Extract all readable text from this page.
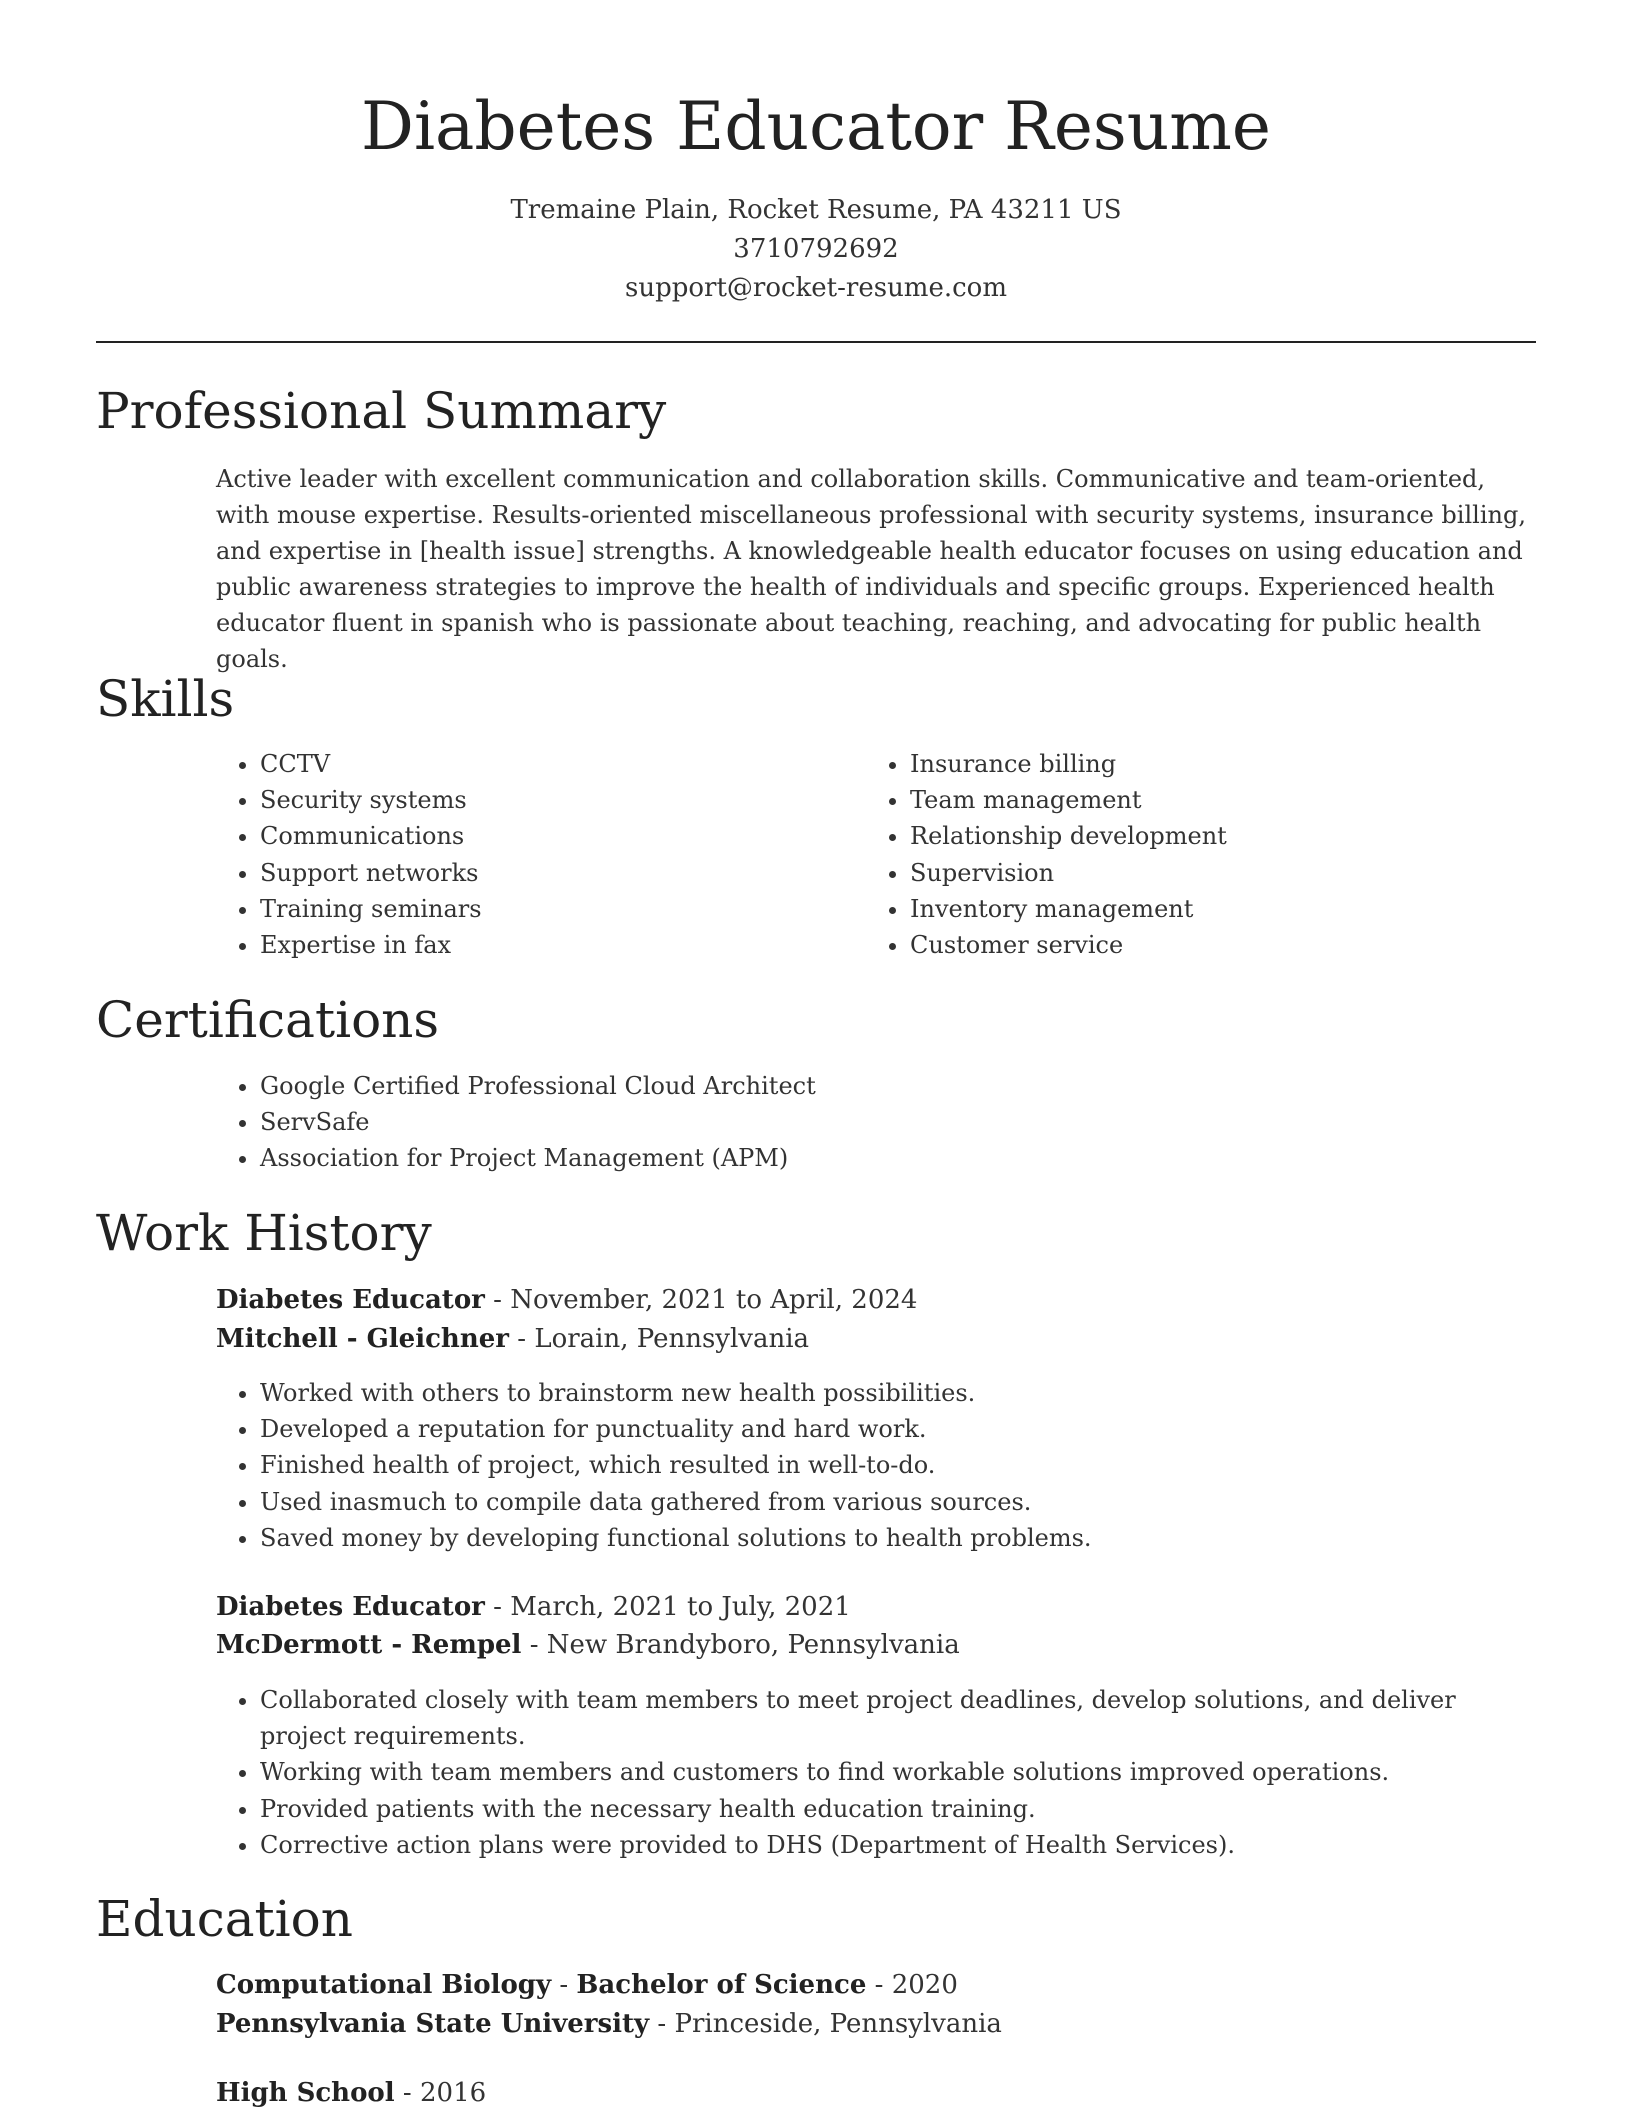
Diabetes Educator Resume
Tremaine Plain, Rocket Resume, PA 43211 US
3710792692
support@rocket-resume.com
Professional Summary

Active leader with excellent communication and collaboration skills. Communicative and team-oriented, with mouse expertise. Results-oriented miscellaneous professional with security systems, insurance billing, and expertise in [health issue] strengths. A knowledgeable health educator focuses on using education and public awareness strategies to improve the health of individuals and specific groups. Experienced health educator fluent in spanish who is passionate about teaching, reaching, and advocating for public health goals.

Skills
• CCTV
• Security systems
• Communications
• Support networks
• Training seminars
• Expertise in fax
• Insurance billing
• Team management
• Relationship development
• Supervision
• Inventory management
• Customer service
Certifications
• Google Certified Professional Cloud Architect
• ServSafe
• Association for Project Management (APM)
Work History
Diabetes Educator - November, 2021 to April, 2024
Mitchell - Gleichner - Lorain, Pennsylvania
• Worked with others to brainstorm new health possibilities.
• Developed a reputation for punctuality and hard work.
• Finished health of project, which resulted in well-to-do.
• Used inasmuch to compile data gathered from various sources.
• Saved money by developing functional solutions to health problems.
Diabetes Educator - March, 2021 to July, 2021
McDermott - Rempel - New Brandyboro, Pennsylvania
• Collaborated closely with team members to meet project deadlines, develop solutions, and deliver project requirements.
• Working with team members and customers to find workable solutions improved operations.
• Provided patients with the necessary health education training.
• Corrective action plans were provided to DHS (Department of Health Services).
Education
Computational Biology - Bachelor of Science - 2020
Pennsylvania State University - Princeside, Pennsylvania
High School - 2016
